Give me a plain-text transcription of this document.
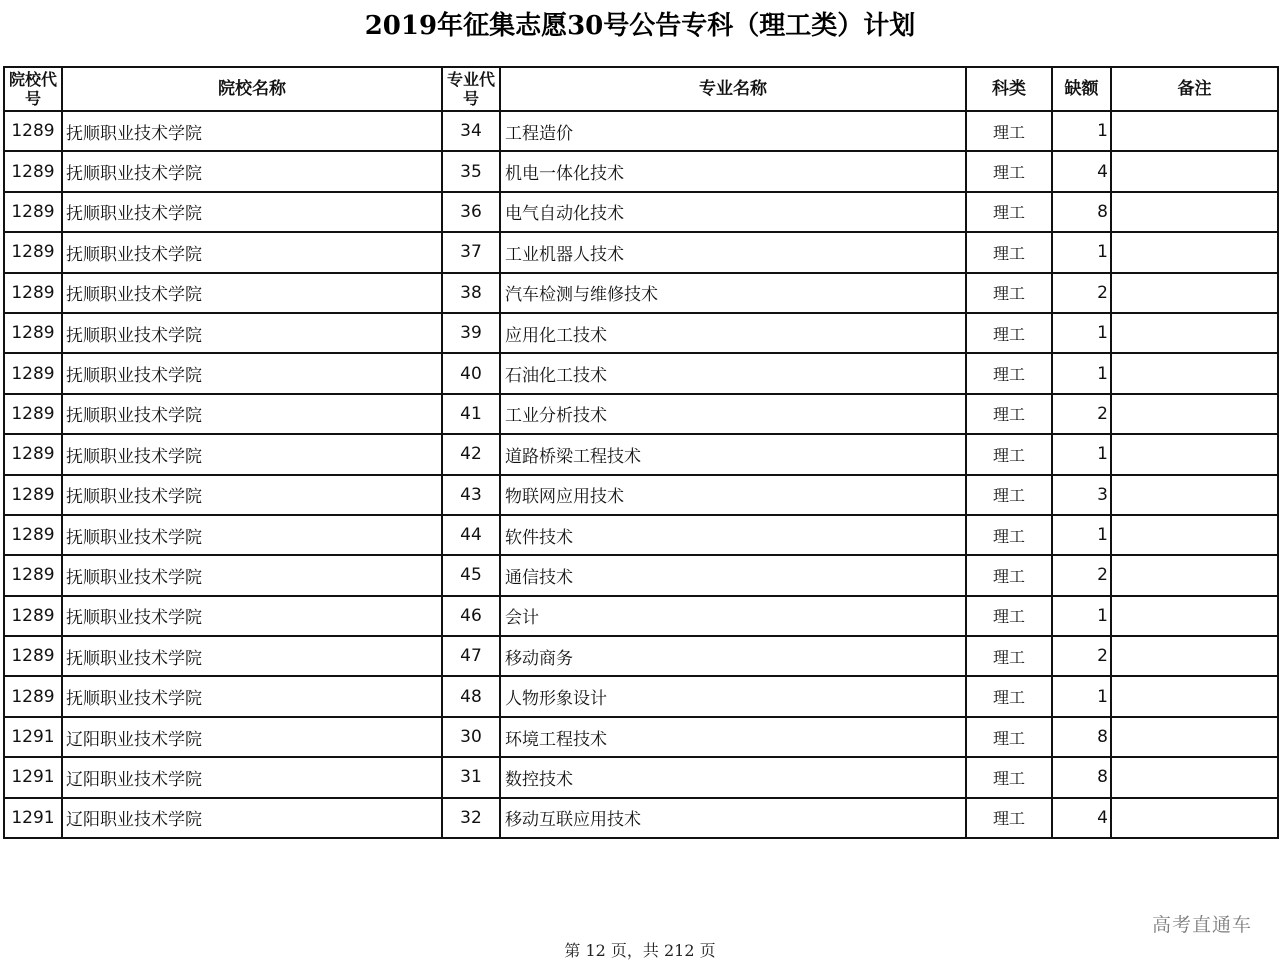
2019年征集志愿30号公告专科（理工类）计划
院校代号	院校名称	专业代号	专业名称	科类	缺额	备注
1289	抚顺职业技术学院	34	工程造价	理工	1	
1289	抚顺职业技术学院	35	机电一体化技术	理工	4	
1289	抚顺职业技术学院	36	电气自动化技术	理工	8	
1289	抚顺职业技术学院	37	工业机器人技术	理工	1	
1289	抚顺职业技术学院	38	汽车检测与维修技术	理工	2	
1289	抚顺职业技术学院	39	应用化工技术	理工	1	
1289	抚顺职业技术学院	40	石油化工技术	理工	1	
1289	抚顺职业技术学院	41	工业分析技术	理工	2	
1289	抚顺职业技术学院	42	道路桥梁工程技术	理工	1	
1289	抚顺职业技术学院	43	物联网应用技术	理工	3	
1289	抚顺职业技术学院	44	软件技术	理工	1	
1289	抚顺职业技术学院	45	通信技术	理工	2	
1289	抚顺职业技术学院	46	会计	理工	1	
1289	抚顺职业技术学院	47	移动商务	理工	2	
1289	抚顺职业技术学院	48	人物形象设计	理工	1	
1291	辽阳职业技术学院	30	环境工程技术	理工	8	
1291	辽阳职业技术学院	31	数控技术	理工	8	
1291	辽阳职业技术学院	32	移动互联应用技术	理工	4	
高考直通车
第 12 页，共 212 页
